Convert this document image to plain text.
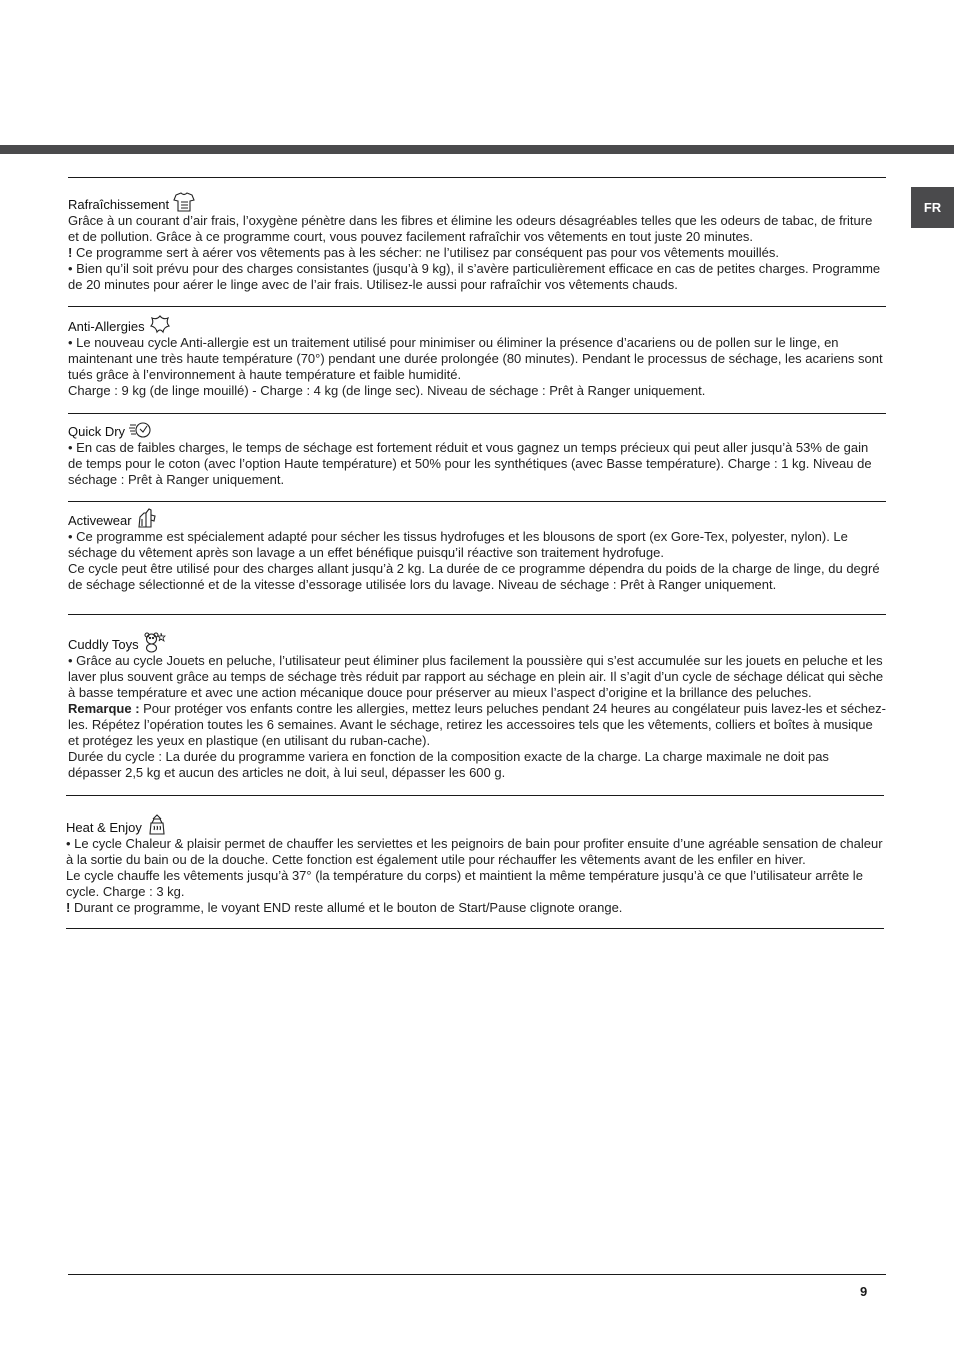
FR
Rafraîchissement

Grâce à un courant d’air frais, l’oxygène pénètre dans les fibres et élimine les odeurs désagréables telles que les odeurs de tabac, de friture et de pollution. Grâce à ce programme court, vous pouvez facilement rafraîchir vos vêtements en tout juste 20 minutes.

! Ce programme sert à aérer vos vêtements pas à les sécher: ne l’utilisez par conséquent pas pour vos vêtements mouillés.

• Bien qu’il soit prévu pour des charges consistantes (jusqu’à 9 kg), il s’avère particulièrement efficace en cas de petites charges. Programme de 20 minutes pour aérer le linge avec de l’air frais. Utilisez-le aussi pour rafraîchir vos vêtements chauds.

Anti-Allergies

• Le nouveau cycle Anti-allergie est un traitement utilisé pour minimiser ou éliminer la présence d’acariens ou de pollen sur le linge, en maintenant une très haute température (70°) pendant une durée prolongée (80 minutes). Pendant le processus de séchage, les acariens sont tués grâce à l’environnement à haute température et faible humidité.

Charge : 9 kg (de linge mouillé) - Charge : 4 kg (de linge sec). Niveau de séchage : Prêt à Ranger uniquement.

Quick Dry

• En cas de faibles charges, le temps de séchage est fortement réduit et vous gagnez un temps précieux qui peut aller jusqu’à 53% de gain de temps pour le coton (avec l’option Haute température) et 50% pour les synthétiques (avec Basse température). Charge : 1 kg. Niveau de séchage : Prêt à Ranger uniquement.

Activewear

• Ce programme est spécialement adapté pour sécher les tissus hydrofuges et les blousons de sport (ex Gore-Tex, polyester, nylon). Le séchage du vêtement après son lavage a un effet bénéfique puisqu’il réactive son traitement hydrofuge.

Ce cycle peut être utilisé pour des charges allant jusqu’à 2 kg. La durée de ce programme dépendra du poids de la charge de linge, du degré de séchage sélectionné et de la vitesse d’essorage utilisée lors du lavage. Niveau de séchage : Prêt à Ranger uniquement.

Cuddly Toys

• Grâce au cycle Jouets en peluche, l’utilisateur peut éliminer plus facilement la poussière qui s’est accumulée sur les jouets en peluche et les laver plus souvent grâce au temps de séchage très réduit par rapport au séchage en plein air. Il s’agit d’un cycle de séchage délicat qui sèche à basse température et avec une action mécanique douce pour préserver au mieux l’aspect d’origine et la brillance des peluches.

Remarque : Pour protéger vos enfants contre les allergies, mettez leurs peluches pendant 24 heures au congélateur puis lavez-les et séchez-les. Répétez l’opération toutes les 6 semaines. Avant le séchage, retirez les accessoires tels que les vêtements, colliers et boîtes à musique et protégez les yeux en plastique (en utilisant du ruban-cache).

Durée du cycle : La durée du programme variera en fonction de la composition exacte de la charge. La charge maximale ne doit pas dépasser 2,5 kg et aucun des articles ne doit, à lui seul, dépasser les 600 g.

Heat & Enjoy

• Le cycle Chaleur & plaisir permet de chauffer les serviettes et les peignoirs de bain pour profiter ensuite d’une agréable sensation de chaleur à la sortie du bain ou de la douche. Cette fonction est également utile pour réchauffer les vêtements avant de les enfiler en hiver.

Le cycle chauffe les vêtements jusqu’à 37° (la température du corps) et maintient la même température jusqu’à ce que l’utilisateur arrête le cycle. Charge : 3 kg.

! Durant ce programme, le voyant END reste allumé et le bouton de Start/Pause clignote orange.

9
